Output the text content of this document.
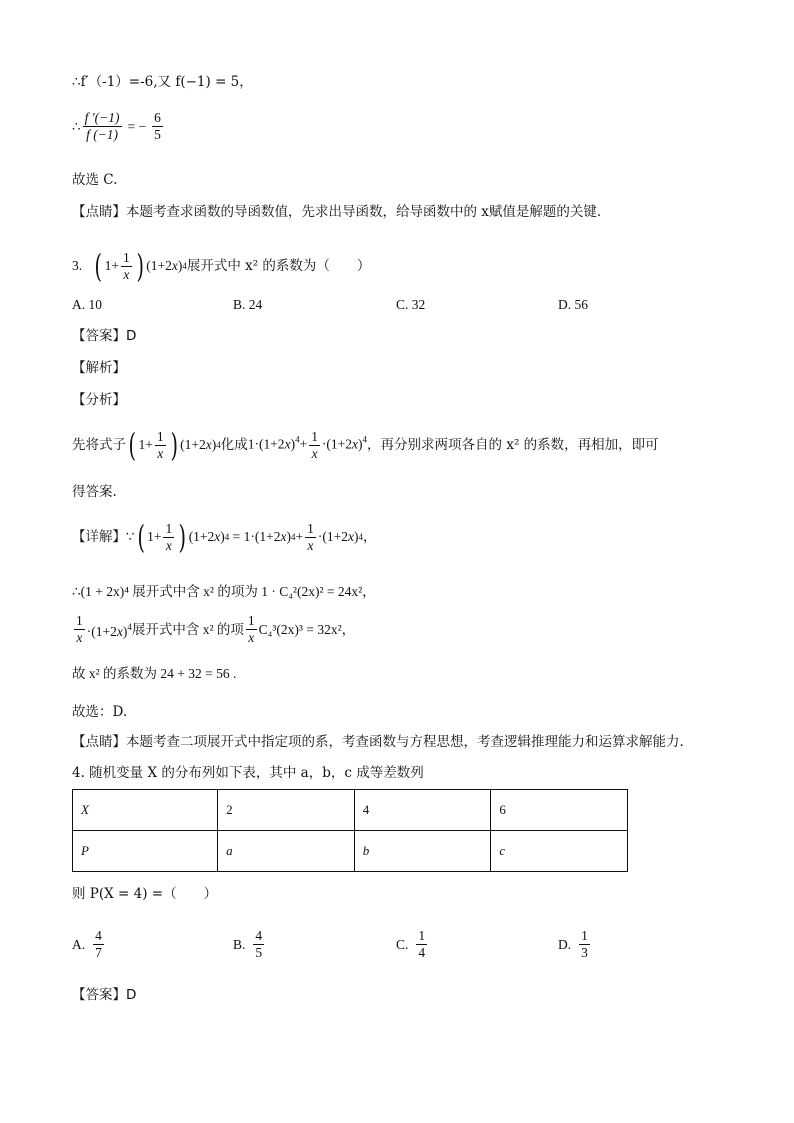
∴f′（-1）=-6,又 f(−1) = 5，
∴ $\frac{f '(-1)}{f (-1)}$ = − $\frac{6}{5}$
故选 C.
【点睛】本题考查求函数的导函数值，先求出导函数，给导函数中的 x赋值是解题的关键．
3. ( $1+ \frac{1}{x}$ ) (1+2 x ) 4 展开式中 x² 的系数为（　　）
A. 10	B. 24	C. 32	D. 56
【答案】D
【解析】
【分析】
先将式子 ( $1+ \frac{1}{x}$ ) (1+2 x ) 4 化成 $1\cdot(1+2x)^4+ \frac{1}{x} \cdot(1+2x)^4$ ，再分别求两项各自的 x² 的系数，再相加，即可
得答案.
【详解】∵ ( $1+ \frac{1}{x}$ ) (1+2 x ) 4 = 1·(1+2 x ) $4 + \frac{1}{x} \cdot(1+2$ x ) 4 ，
∴(1 + 2x)⁴ 展开式中含 x² 的项为 1 · C₄²(2x)² = 24x²，
$\frac{1}{x} \cdot(1+2x)^4$ 展开式中含 x² 的项 $\frac{1}{x} C_4^3(2x)^3 = 32x^2$，
故 x² 的系数为 24 + 32 = 56 .
故选：D.
【点睛】本题考查二项展开式中指定项的系，考查函数与方程思想，考查逻辑推理能力和运算求解能力.
4. 随机变量 X 的分布列如下表，其中 a，b，c 成等差数列
X	2	4	6
P	a	b	c
则 P(X = 4) =（　　）
A. $\frac{4}{7}$	B. $\frac{4}{5}$	C. $\frac{1}{4}$	D. $\frac{1}{3}$
【答案】D
